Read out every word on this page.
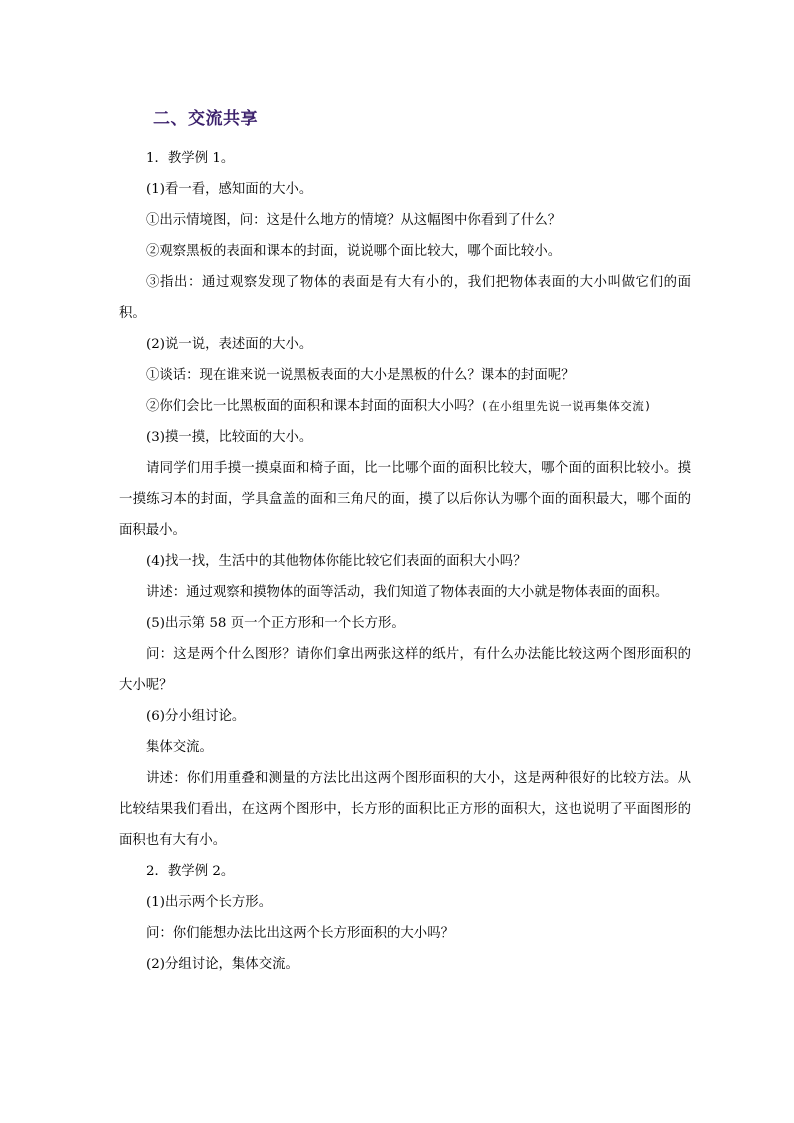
二、交流共享

1．教学例 1。

(1)看一看，感知面的大小。

①出示情境图，问：这是什么地方的情境？从这幅图中你看到了什么？

②观察黑板的表面和课本的封面，说说哪个面比较大，哪个面比较小。

③指出：通过观察发现了物体的表面是有大有小的，我们把物体表面的大小叫做它们的面积。

(2)说一说，表述面的大小。

①谈话：现在谁来说一说黑板表面的大小是黑板的什么？课本的封面呢？

②你们会比一比黑板面的面积和课本封面的面积大小吗？(在小组里先说一说再集体交流)

(3)摸一摸，比较面的大小。

请同学们用手摸一摸桌面和椅子面，比一比哪个面的面积比较大，哪个面的面积比较小。摸一摸练习本的封面，学具盒盖的面和三角尺的面，摸了以后你认为哪个面的面积最大，哪个面的面积最小。

(4)找一找，生活中的其他物体你能比较它们表面的面积大小吗？

讲述：通过观察和摸物体的面等活动，我们知道了物体表面的大小就是物体表面的面积。

(5)出示第 58 页一个正方形和一个长方形。

问：这是两个什么图形？请你们拿出两张这样的纸片，有什么办法能比较这两个图形面积的大小呢？

(6)分小组讨论。

集体交流。

讲述：你们用重叠和测量的方法比出这两个图形面积的大小，这是两种很好的比较方法。从比较结果我们看出，在这两个图形中，长方形的面积比正方形的面积大，这也说明了平面图形的面积也有大有小。

2．教学例 2。

(1)出示两个长方形。

问：你们能想办法比出这两个长方形面积的大小吗？

(2)分组讨论，集体交流。
